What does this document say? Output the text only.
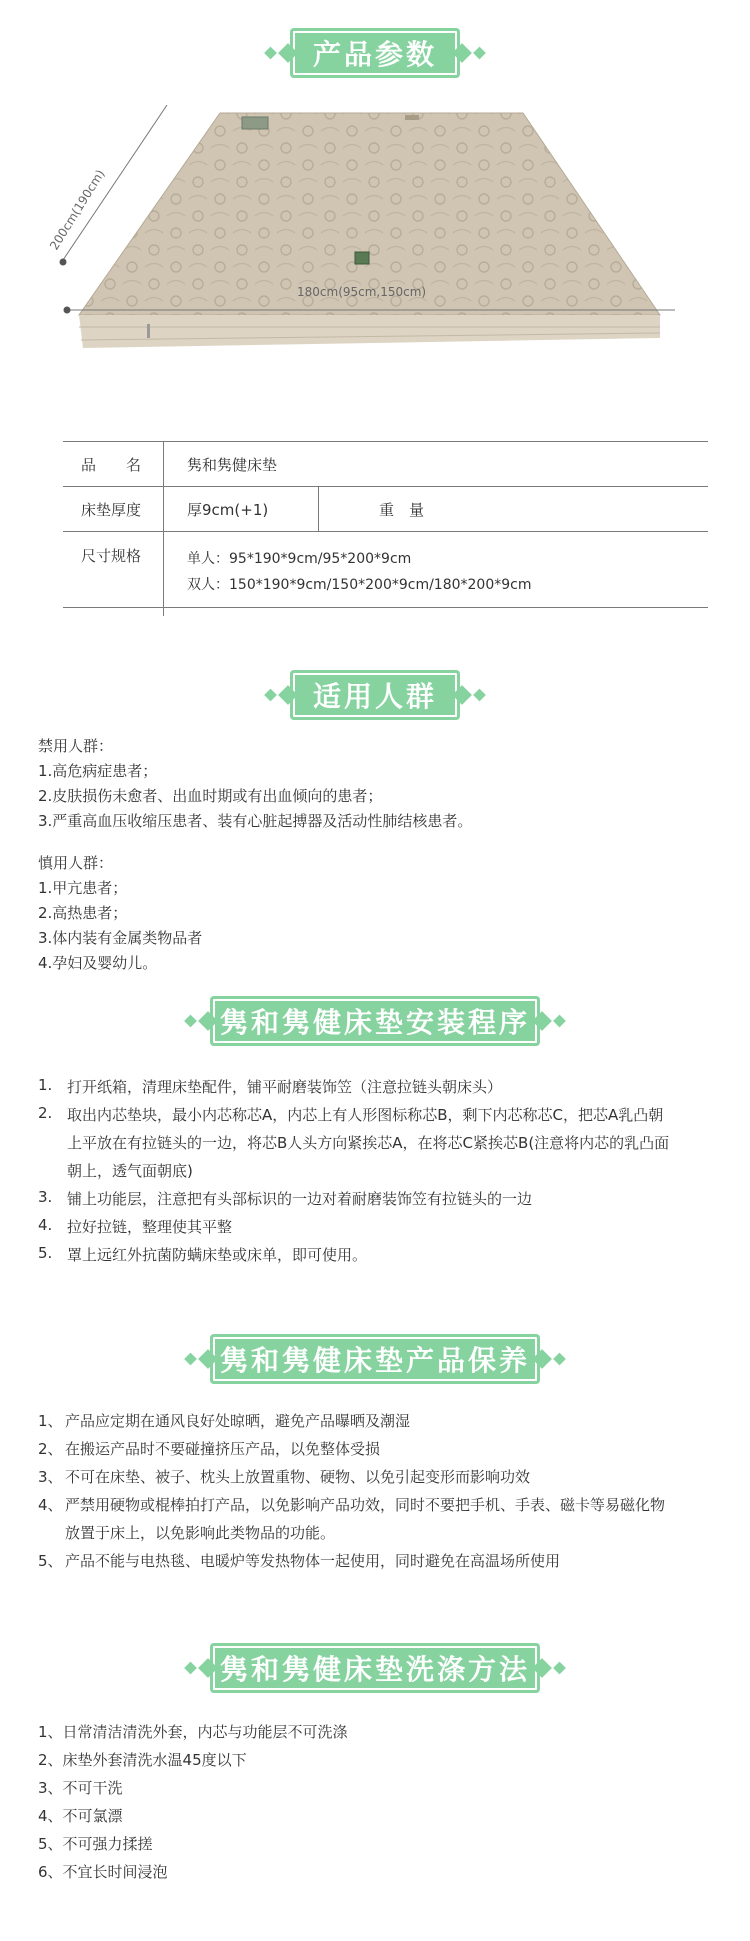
产品参数
200cm(190cm)
180cm(95cm,150cm)
品　　名	隽和隽健床垫
床垫厚度	厚9cm(+1)	重　量
尺寸规格	单人：95*190*9cm/95*200*9cm
双人：150*190*9cm/150*200*9cm/180*200*9cm
适用人群
禁用人群：
1.高危病症患者；
2.皮肤损伤未愈者、出血时期或有出血倾向的患者；
3.严重高血压收缩压患者、装有心脏起搏器及活动性肺结核患者。
慎用人群：
1.甲亢患者；
2.高热患者；
3.体内装有金属类物品者
4.孕妇及婴幼儿。
隽和隽健床垫安装程序
1. 打开纸箱，清理床垫配件，铺平耐磨装饰笠（注意拉链头朝床头）
2. 取出内芯垫块，最小内芯称芯A，内芯上有人形图标称芯B，剩下内芯称芯C，把芯A乳凸朝
上平放在有拉链头的一边，将芯B人头方向紧挨芯A，在将芯C紧挨芯B(注意将内芯的乳凸面
朝上，透气面朝底)
3. 铺上功能层，注意把有头部标识的一边对着耐磨装饰笠有拉链头的一边
4. 拉好拉链，整理使其平整
5. 罩上远红外抗菌防螨床垫或床单，即可使用。
隽和隽健床垫产品保养
1、 产品应定期在通风良好处晾晒，避免产品曝晒及潮湿
2、 在搬运产品时不要碰撞挤压产品，以免整体受损
3、 不可在床垫、被子、枕头上放置重物、硬物、以免引起变形而影响功效
4、 严禁用硬物或棍棒拍打产品，以免影响产品功效，同时不要把手机、手表、磁卡等易磁化物
放置于床上，以免影响此类物品的功能。
5、 产品不能与电热毯、电暖炉等发热物体一起使用，同时避免在高温场所使用
隽和隽健床垫洗涤方法
1、日常清洁清洗外套，内芯与功能层不可洗涤
2、床垫外套清洗水温45度以下
3、不可干洗
4、不可氯漂
5、不可强力揉搓
6、不宜长时间浸泡
